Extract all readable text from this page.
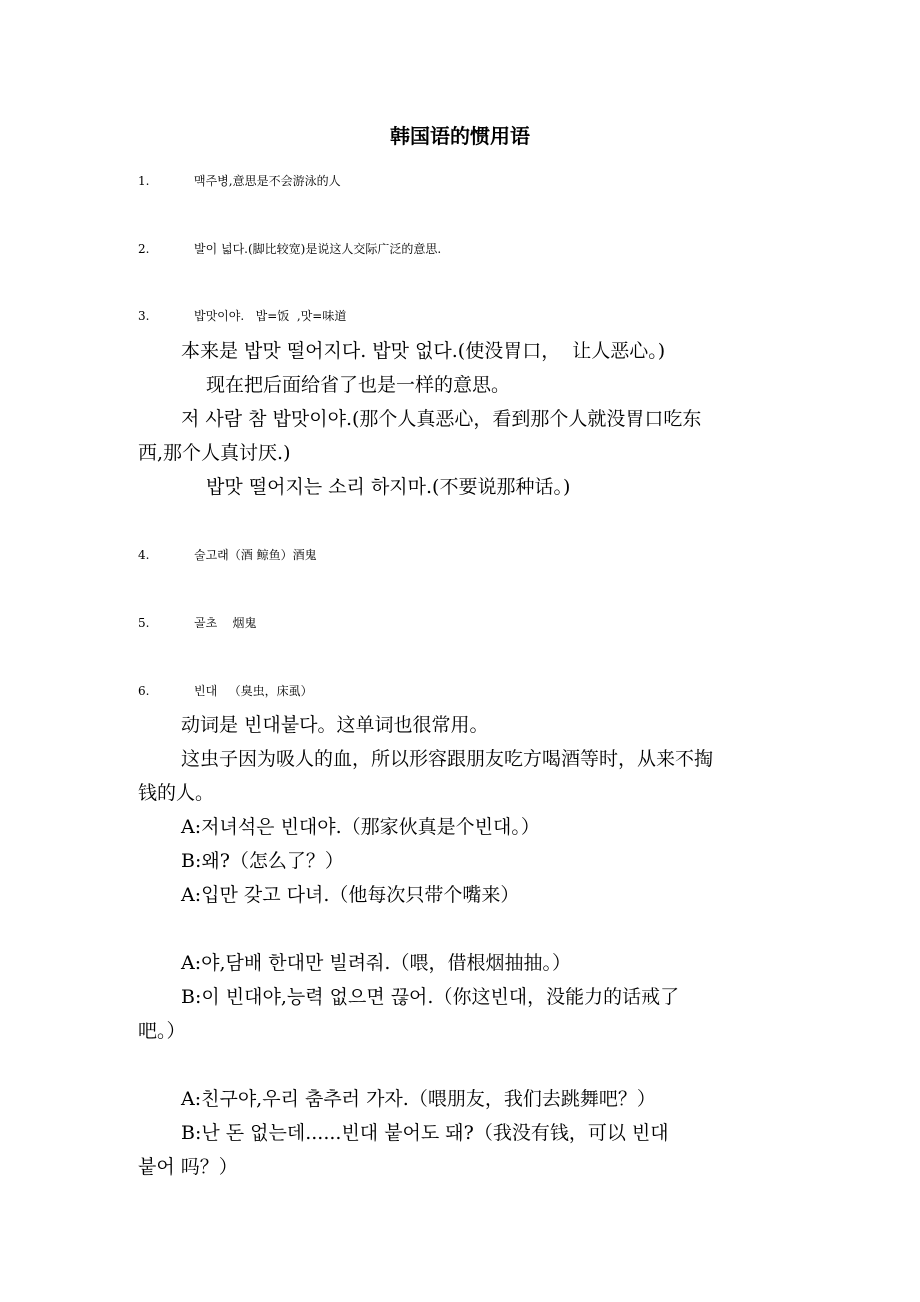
韩国语的惯用语
1.	맥주병,意思是不会游泳的人
2.	발이 넓다.(脚比较宽)是说这人交际广泛的意思.
3.	밥맛이야.   밥=饭  ,맛=味道
本来是 밥맛 떨어지다. 밥맛 없다.(使没胃口，  让人恶心。)
现在把后面给省了也是一样的意思。
저 사람 참 밥맛이야.(那个人真恶心，看到那个人就没胃口吃东
西,那个人真讨厌.)
밥맛 떨어지는 소리 하지마.(不要说那种话。)
4.	술고래（酒 鲸鱼）酒鬼
5.	골초    烟鬼
6.	빈대   （臭虫，床虱）
动词是 빈대붙다。这单词也很常用。
这虫子因为吸人的血，所以形容跟朋友吃方喝酒等时，从来不掏
钱的人。
A:저녀석은 빈대야.（那家伙真是个빈대。）
B:왜?（怎么了？）
A:입만 갖고 다녀.（他每次只带个嘴来）
A:야,담배 한대만 빌려줘.（喂，借根烟抽抽。）
B:이 빈대야,능력 없으면 끊어.（你这빈대，没能力的话戒了
吧。）
A:친구야,우리 춤추러 가자.（喂朋友，我们去跳舞吧？）
B:난 돈 없는데......빈대 붙어도 돼?（我没有钱，可以 빈대
붙어 吗？）
